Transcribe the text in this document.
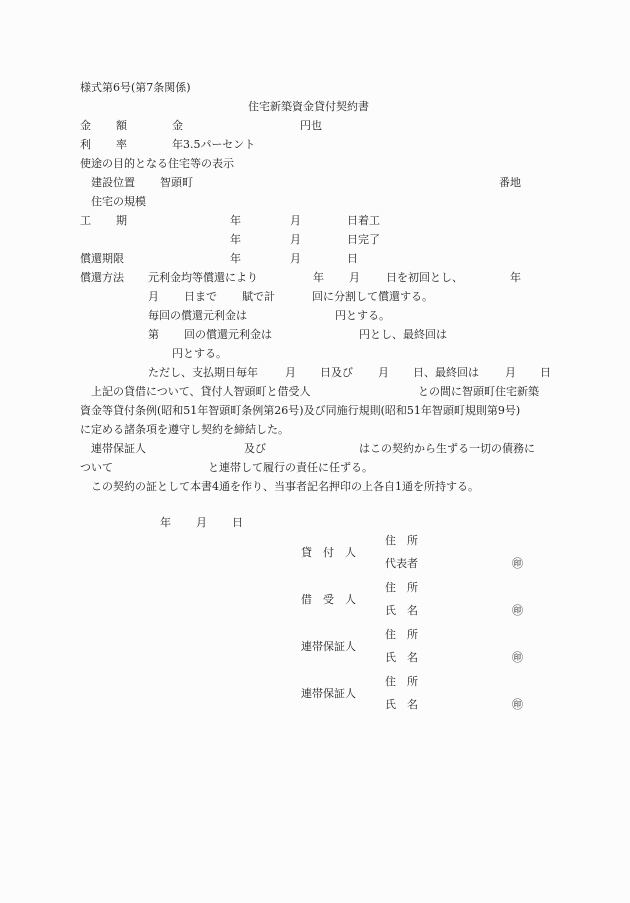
様式第6号(第7条関係)
住宅新築資金貸付契約書
金 額	金	円也
利 率	年3.5パーセント
使途の目的となる住宅等の表示
建設位置 智頭町	番地
住宅の規模
工 期	年	月	日着工
年	月	日完了
償還期限	年	月	日
償還方法 元利金均等償還により	年 月 日を初回とし、	年
月 日まで 賦で計	回に分割して償還する。
毎回の償還元利金は	円とする。
第 回の償還元利金は	円とし、最終回は
円とする。
ただし、支払期日毎年 月 日及び 月 日、最終回は 月 日
上記の貸借について、貸付人智頭町と借受人	との間に智頭町住宅新築
資金等貸付条例(昭和51年智頭町条例第26号)及び同施行規則(昭和51年智頭町規則第9号)
に定める諸条項を遵守し契約を締結した。
連帯保証人	及び	はこの契約から生ずる一切の債務に
ついて	と連帯して履行の責任に任ずる。
この契約の証として本書4通を作り、当事者記名押印の上各自1通を所持する。
年 月 日
貸　付　人
住　所
代表者	㊞
借　受　人
住　所
氏　名	㊞
連帯保証人
住　所
氏　名	㊞
連帯保証人
住　所
氏　名	㊞
